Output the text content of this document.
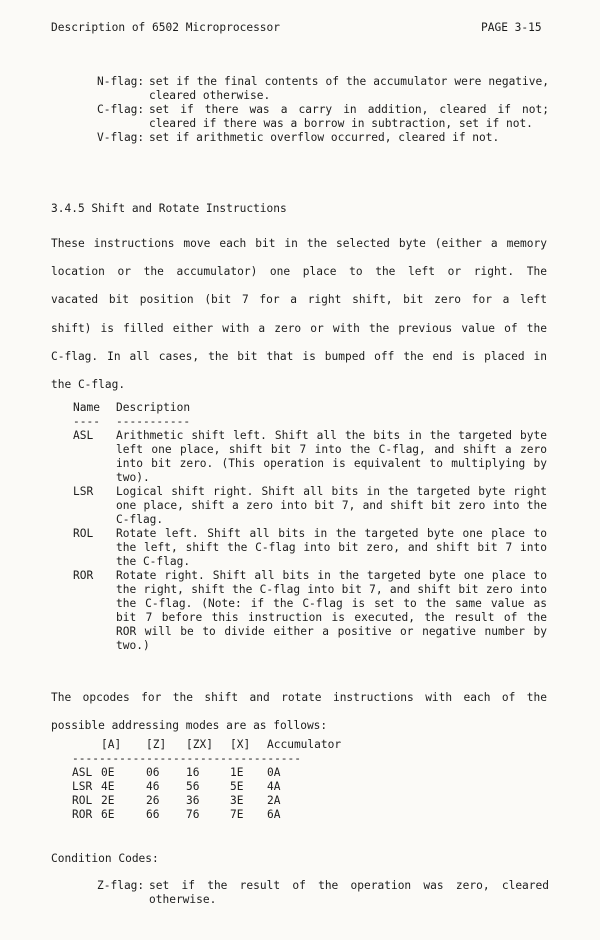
Description of 6502 Microprocessor	PAGE 3-15
N-flag: set if the final contents of the accumulator were negative, cleared otherwise.
C-flag: set if there was a carry in addition, cleared if not; cleared if there was a borrow in subtraction, set if not.
V-flag: set if arithmetic overflow occurred, cleared if not.
3.4.5 Shift and Rotate Instructions
These instructions move each bit in the selected byte (either a memory
location or the accumulator) one place to the left or right. The
vacated bit position (bit 7 for a right shift, bit zero for a left
shift) is filled either with a zero or with the previous value of the
C-flag. In all cases, the bit that is bumped off the end is placed in
the C-flag.
Name	Description
----	-----------
ASL	Arithmetic shift left. Shift all the bits in the targeted byte left one place, shift bit 7 into the C-flag, and shift a zero into bit zero. (This operation is equivalent to multiplying by two).
LSR	Logical shift right. Shift all bits in the targeted byte right one place, shift a zero into bit 7, and shift bit zero into the C-flag.
ROL	Rotate left. Shift all bits in the targeted byte one place to the left, shift the C-flag into bit zero, and shift bit 7 into the C-flag.
ROR	Rotate right. Shift all bits in the targeted byte one place to the right, shift the C-flag into bit 7, and shift bit zero into the C-flag. (Note: if the C-flag is set to the same value as bit 7 before this instruction is executed, the result of the ROR will be to divide either a positive or negative number by two.)
The opcodes for the shift and rotate instructions with each of the
possible addressing modes are as follows:
	[A]	[Z]	[ZX]	[X]	Accumulator
----------------------------------					
ASL	0E	06	16	1E	0A
LSR	4E	46	56	5E	4A
ROL	2E	26	36	3E	2A
ROR	6E	66	76	7E	6A
Condition Codes:
Z-flag: set if the result of the operation was zero, cleared otherwise.
